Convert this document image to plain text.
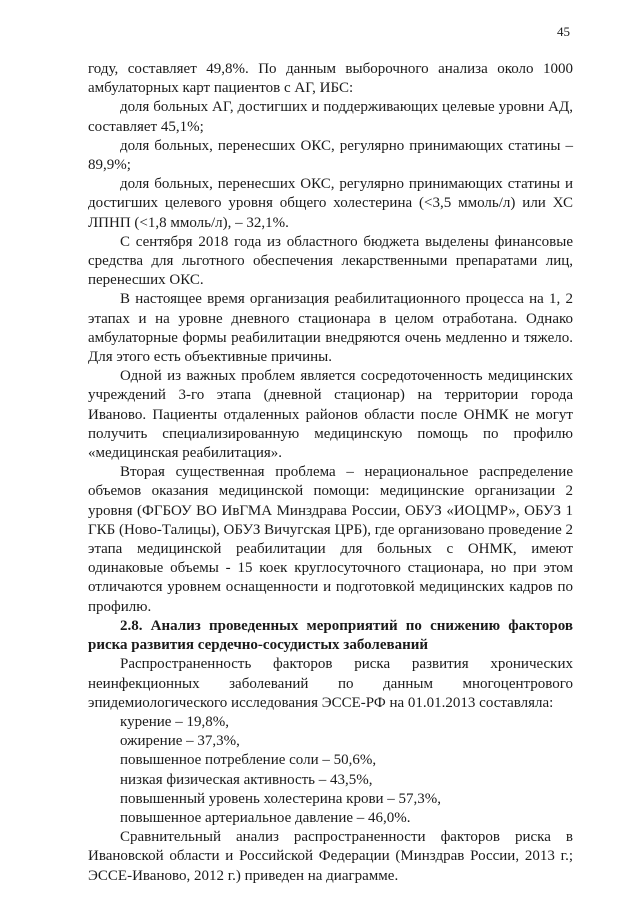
45

году, составляет 49,8%. По данным выборочного анализа около 1000 амбулаторных карт пациентов с АГ, ИБС:

доля больных АГ, достигших и поддерживающих целевые уровни АД, составляет 45,1%;

доля больных, перенесших ОКС, регулярно принимающих статины – 89,9%;

доля больных, перенесших ОКС, регулярно принимающих статины и достигших целевого уровня общего холестерина (<3,5 ммоль/л) или ХС ЛПНП (<1,8 ммоль/л), – 32,1%.

С сентября 2018 года из областного бюджета выделены финансовые средства для льготного обеспечения лекарственными препаратами лиц, перенесших ОКС.

В настоящее время организация реабилитационного процесса на 1, 2 этапах и на уровне дневного стационара в целом отработана. Однако амбулаторные формы реабилитации внедряются очень медленно и тяжело. Для этого есть объективные причины.

Одной из важных проблем является сосредоточенность медицинских учреждений 3-го этапа (дневной стационар) на территории города Иваново. Пациенты отдаленных районов области после ОНМК не могут получить специализированную медицинскую помощь по профилю «медицинская реабилитация».

Вторая существенная проблема – нерациональное распределение объемов оказания медицинской помощи: медицинские организации 2 уровня (ФГБОУ ВО ИвГМА Минздрава России, ОБУЗ «ИОЦМР», ОБУЗ 1 ГКБ (Ново-Талицы), ОБУЗ Вичугская ЦРБ), где организовано проведение 2 этапа медицинской реабилитации для больных с ОНМК, имеют одинаковые объемы - 15 коек круглосуточного стационара, но при этом отличаются уровнем оснащенности и подготовкой медицинских кадров по профилю.

2.8. Анализ проведенных мероприятий по снижению факторов риска развития сердечно-сосудистых заболеваний

Распространенность факторов риска развития хронических неинфекционных заболеваний по данным многоцентрового эпидемиологического исследования ЭССЕ-РФ на 01.01.2013 составляла:

курение – 19,8%,

ожирение – 37,3%,

повышенное потребление соли – 50,6%,

низкая физическая активность – 43,5%,

повышенный уровень холестерина крови – 57,3%,

повышенное артериальное давление – 46,0%.

Сравнительный анализ распространенности факторов риска в Ивановской области и Российской Федерации (Минздрав России, 2013 г.; ЭССЕ-Иваново, 2012 г.) приведен на диаграмме.
